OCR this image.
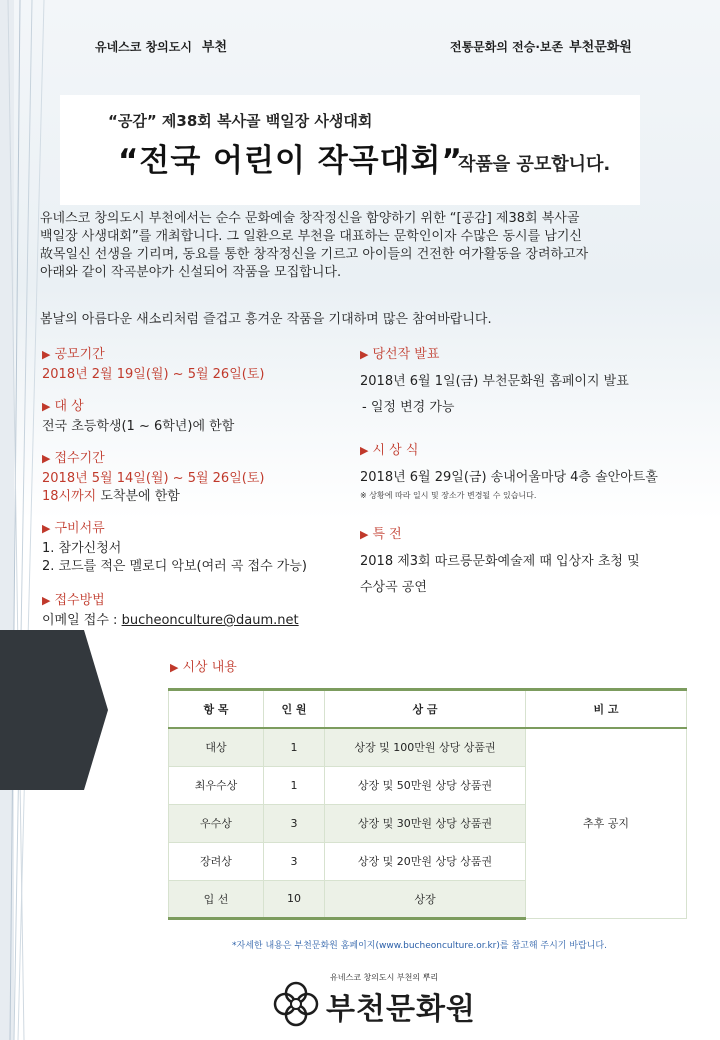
유네스코 창의도시 부천	전통문화의 전승·보존 부천문화원
“공감” 제38회 복사골 백일장 사생대회
“전국 어린이 작곡대회”
작품을 공모합니다.

유네스코 창의도시 부천에서는 순수 문화예술 창작정신을 함양하기 위한 “[공감] 제38회 복사골

백일장 사생대회”를 개최합니다. 그 일환으로 부천을 대표하는 문학인이자 수많은 동시를 남기신

故목일신 선생을 기리며, 동요를 통한 창작정신을 기르고 아이들의 건전한 여가활동을 장려하고자

아래와 같이 작곡분야가 신설되어 작품을 모집합니다.

봄날의 아름다운 새소리처럼 즐겁고 흥겨운 작품을 기대하며 많은 참여바랍니다.
▶ 공모기간
2018년 2월 19일(월) ~ 5월 26일(토)
▶ 대 상
전국 초등학생(1 ~ 6학년)에 한함
▶ 접수기간
2018년 5월 14일(월) ~ 5월 26일(토)
18시까지 도착분에 한함
▶ 구비서류
1. 참가신청서
2. 코드를 적은 멜로디 악보(여러 곡 접수 가능)
▶ 접수방법
이메일 접수 : bucheonculture@daum.net
▶ 당선작 발표
2018년 6월 1일(금) 부천문화원 홈페이지 발표
- 일정 변경 가능
▶ 시 상 식
2018년 6월 29일(금) 송내어울마당 4층 솔안아트홀
※ 상황에 따라 일시 및 장소가 변경될 수 있습니다.
▶ 특 전
2018 제3회 따르릉문화예술제 때 입상자 초청 및
수상곡 공연
▶ 시상 내용
항 목	인 원	상 금	비 고
대상	1	상장 및 100만원 상당 상품권	추후 공지
최우수상	1	상장 및 50만원 상당 상품권	
우수상	3	상장 및 30만원 상당 상품권	
장려상	3	상장 및 20만원 상당 상품권	
입 선	10	상장	
*자세한 내용은 부천문화원 홈페이지(www.bucheonculture.or.kr)를 참고해 주시기 바랍니다.
유네스코 창의도시 부천의 뿌리
부천문화원
